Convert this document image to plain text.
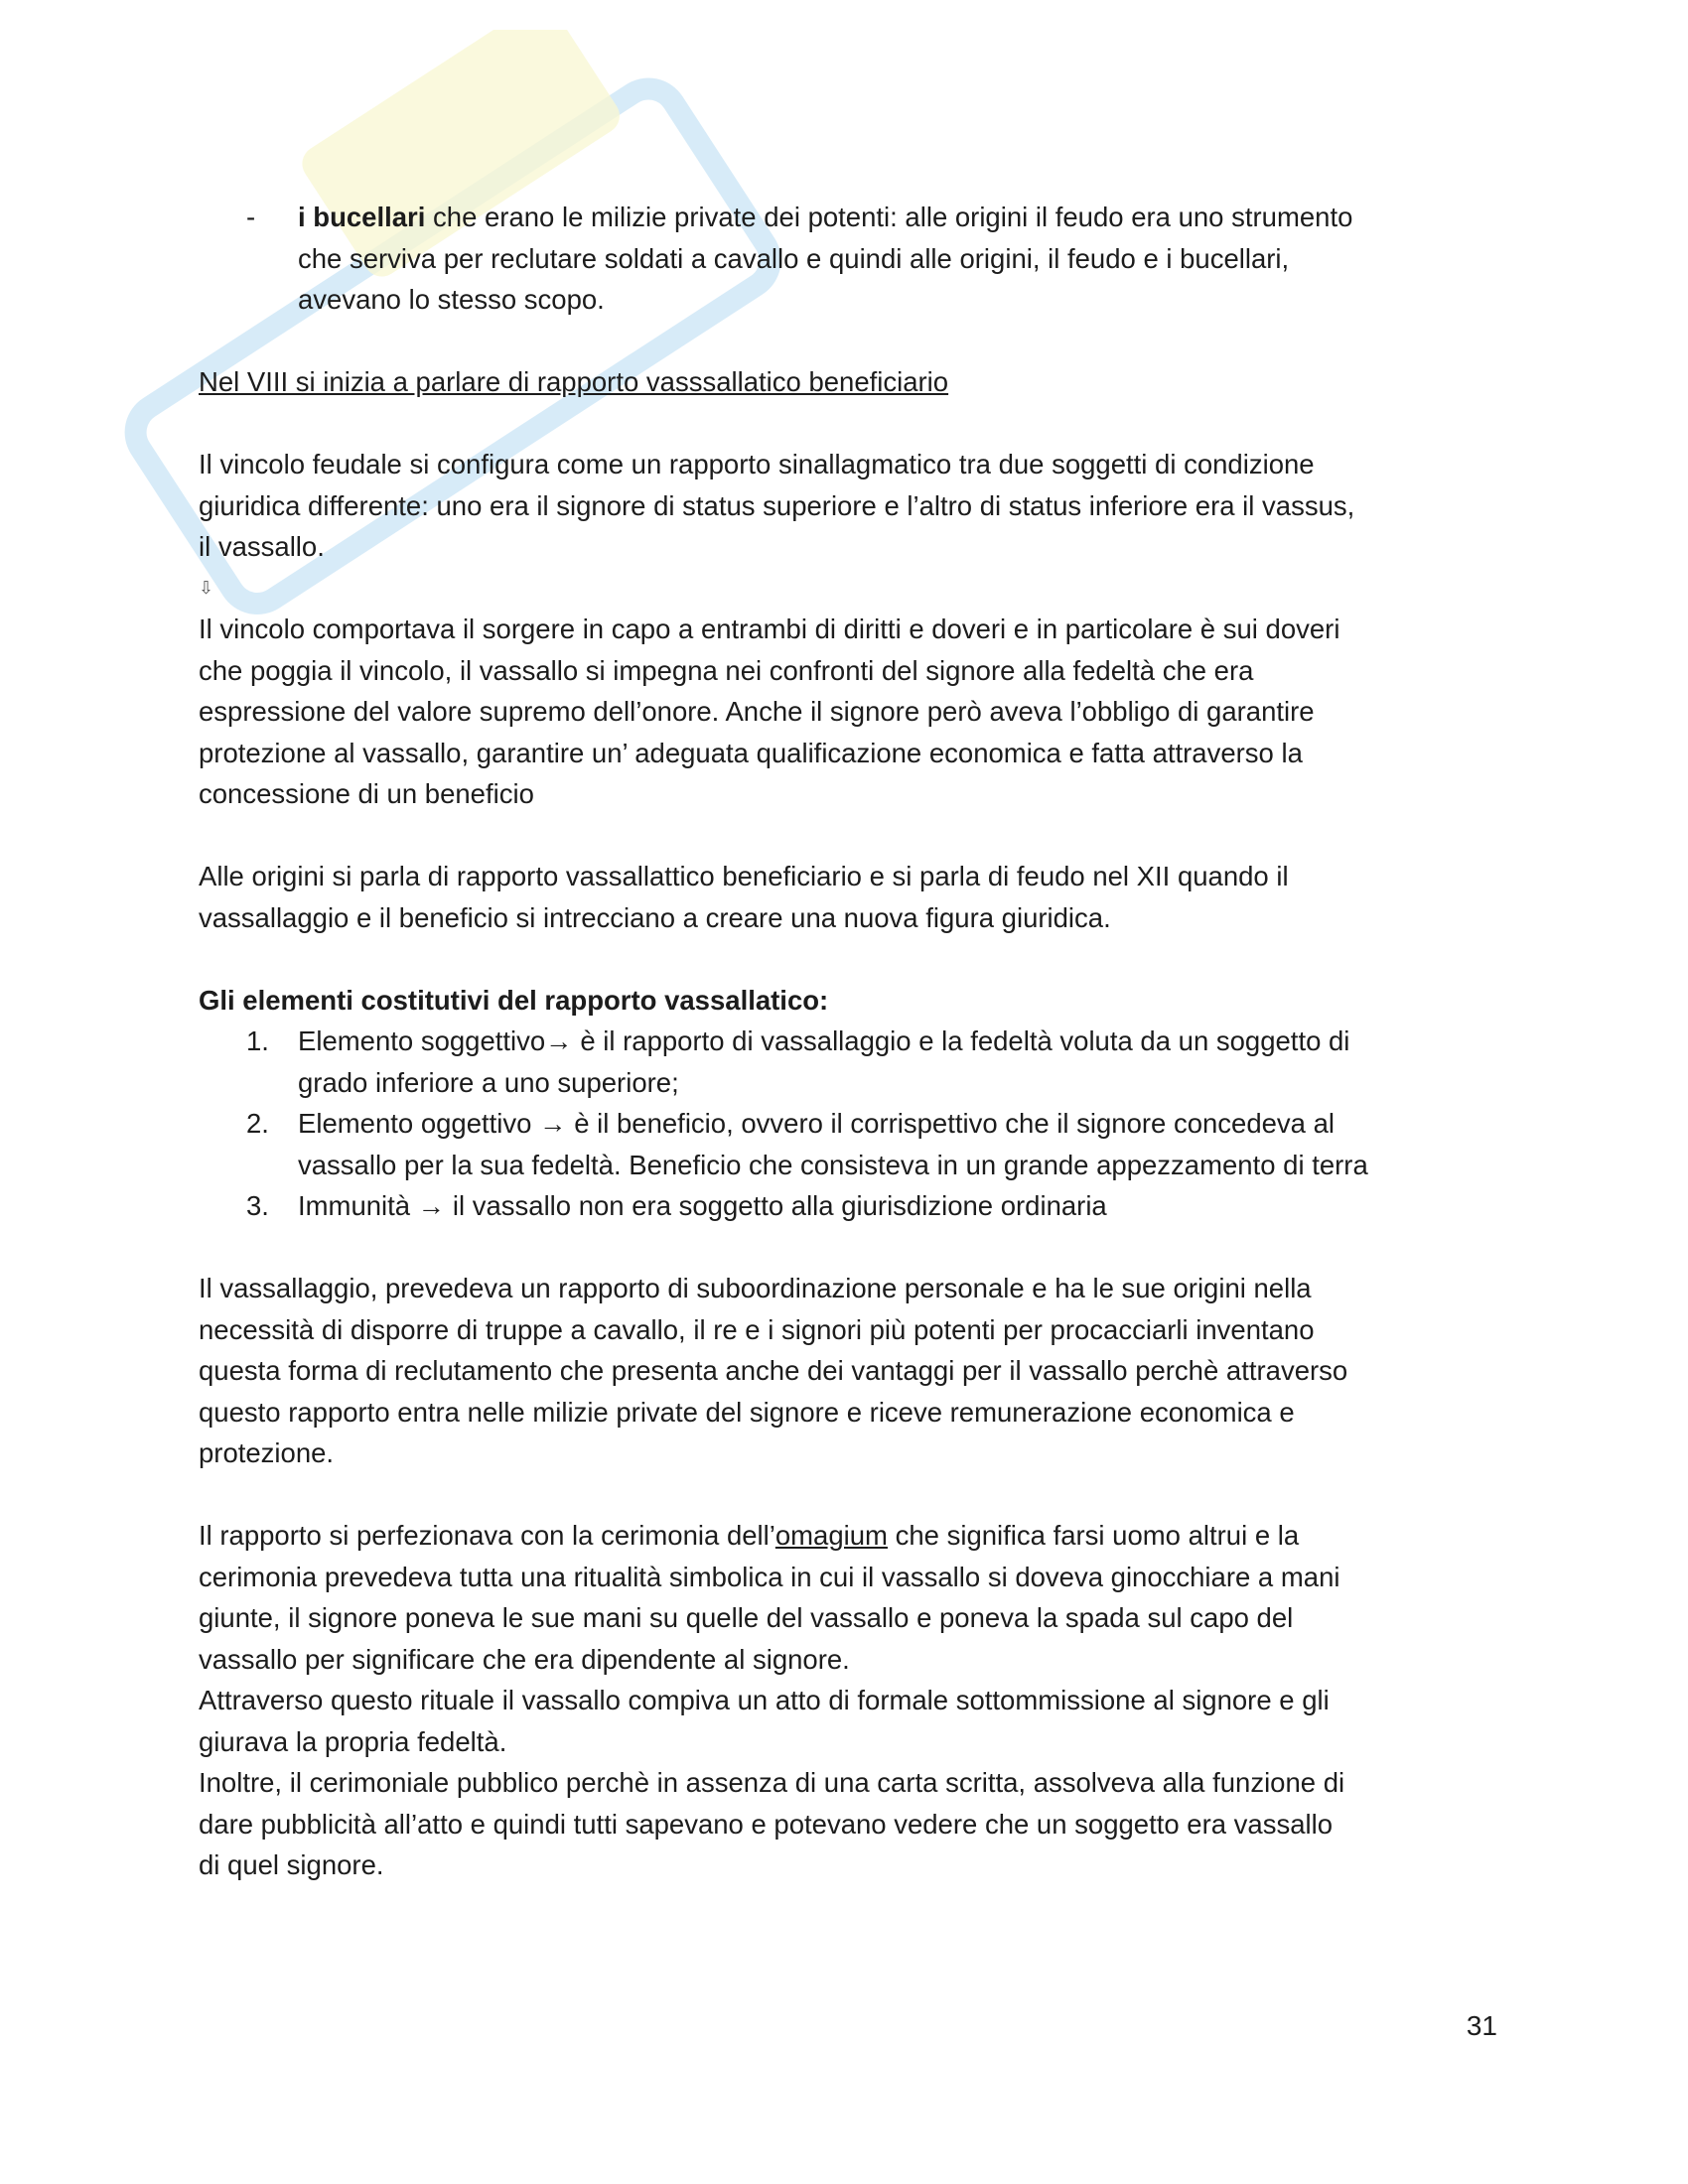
-	i bucellari che erano le milizie private dei potenti: alle origini il feudo era uno strumento

che serviva per reclutare soldati a cavallo e quindi alle origini, il feudo e i bucellari,

avevano lo stesso scopo.

Nel VIII si inizia a parlare di rapporto vasssallatico beneficiario

Il vincolo feudale si configura come un rapporto sinallagmatico tra due soggetti di condizione

giuridica differente: uno era il signore di status superiore e l’altro di status inferiore era il vassus,

il vassallo.

⇩

Il vincolo comportava il sorgere in capo a entrambi di diritti e doveri e in particolare è sui doveri

che poggia il vincolo, il vassallo si impegna nei confronti del signore alla fedeltà che era

espressione del valore supremo dell’onore. Anche il signore però aveva l’obbligo di garantire

protezione al vassallo, garantire un’ adeguata qualificazione economica e fatta attraverso la

concessione di un beneficio

Alle origini si parla di rapporto vassallattico beneficiario e si parla di feudo nel XII quando il

vassallaggio e il beneficio si intrecciano a creare una nuova figura giuridica.

Gli elementi costitutivi del rapporto vassallatico:

1.	Elemento soggettivo→ è il rapporto di vassallaggio e la fedeltà voluta da un soggetto di

grado inferiore a uno superiore;

2.	Elemento oggettivo → è il beneficio, ovvero il corrispettivo che il signore concedeva al

vassallo per la sua fedeltà. Beneficio che consisteva in un grande appezzamento di terra

3.	Immunità → il vassallo non era soggetto alla giurisdizione ordinaria

Il vassallaggio, prevedeva un rapporto di suboordinazione personale e ha le sue origini nella

necessità di disporre di truppe a cavallo, il re e i signori più potenti per procacciarli inventano

questa forma di reclutamento che presenta anche dei vantaggi per il vassallo perchè attraverso

questo rapporto entra nelle milizie private del signore e riceve remunerazione economica e

protezione.

Il rapporto si perfezionava con la cerimonia dell’omagium che significa farsi uomo altrui e la

cerimonia prevedeva tutta una ritualità simbolica in cui il vassallo si doveva ginocchiare a mani

giunte, il signore poneva le sue mani su quelle del vassallo e poneva la spada sul capo del

vassallo per significare che era dipendente al signore.

Attraverso questo rituale il vassallo compiva un atto di formale sottommissione al signore e gli

giurava la propria fedeltà.

Inoltre, il cerimoniale pubblico perchè in assenza di una carta scritta, assolveva alla funzione di

dare pubblicità all’atto e quindi tutti sapevano e potevano vedere che un soggetto era vassallo

di quel signore.

31
